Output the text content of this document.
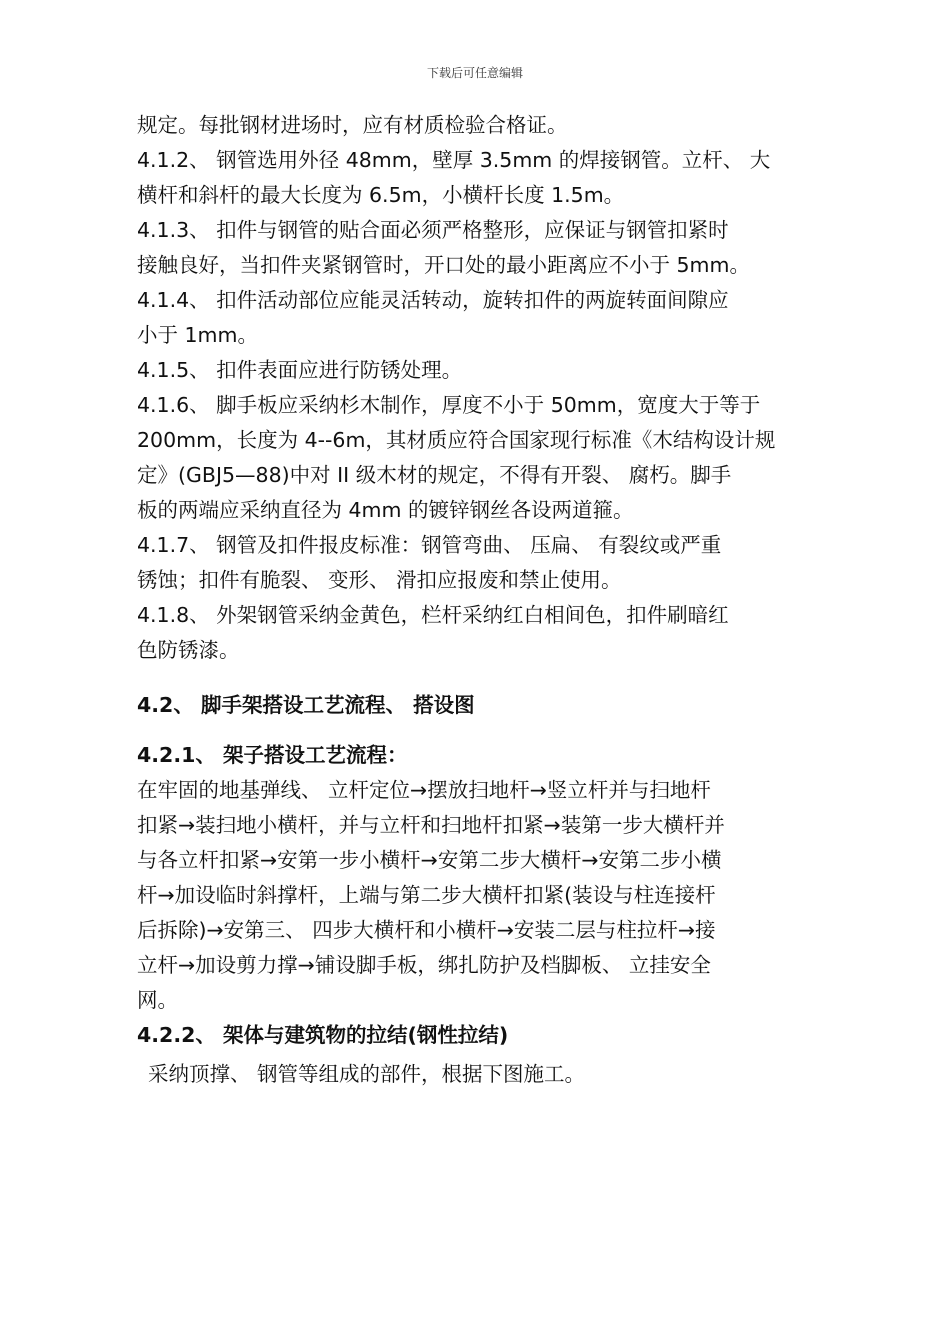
下载后可任意编辑
规定。每批钢材进场时，应有材质检验合格证。
4.1.2、 钢管选用外径 48mm，壁厚 3.5mm 的焊接钢管。立杆、 大
横杆和斜杆的最大长度为 6.5m，小横杆长度 1.5m。
4.1.3、 扣件与钢管的贴合面必须严格整形，应保证与钢管扣紧时
接触良好，当扣件夹紧钢管时，开口处的最小距离应不小于 5mm。
4.1.4、 扣件活动部位应能灵活转动，旋转扣件的两旋转面间隙应
小于 1mm。
4.1.5、 扣件表面应进行防锈处理。
4.1.6、 脚手板应采纳杉木制作，厚度不小于 50mm，宽度大于等于
200mm，长度为 4--6m，其材质应符合国家现行标准《木结构设计规
定》(GBJ5—88)中对 II 级木材的规定，不得有开裂、 腐朽。脚手
板的两端应采纳直径为 4mm 的镀锌钢丝各设两道箍。
4.1.7、 钢管及扣件报皮标准：钢管弯曲、 压扁、 有裂纹或严重
锈蚀；扣件有脆裂、 变形、 滑扣应报废和禁止使用。
4.1.8、 外架钢管采纳金黄色，栏杆采纳红白相间色，扣件刷暗红
色防锈漆。
4.2、 脚手架搭设工艺流程、 搭设图
4.2.1、 架子搭设工艺流程：
在牢固的地基弹线、 立杆定位→摆放扫地杆→竖立杆并与扫地杆
扣紧→装扫地小横杆，并与立杆和扫地杆扣紧→装第一步大横杆并
与各立杆扣紧→安第一步小横杆→安第二步大横杆→安第二步小横
杆→加设临时斜撑杆，上端与第二步大横杆扣紧(装设与柱连接杆
后拆除)→安第三、 四步大横杆和小横杆→安装二层与柱拉杆→接
立杆→加设剪力撑→铺设脚手板，绑扎防护及档脚板、 立挂安全
网。
4.2.2、 架体与建筑物的拉结(钢性拉结)
采纳顶撑、 钢管等组成的部件，根据下图施工。
